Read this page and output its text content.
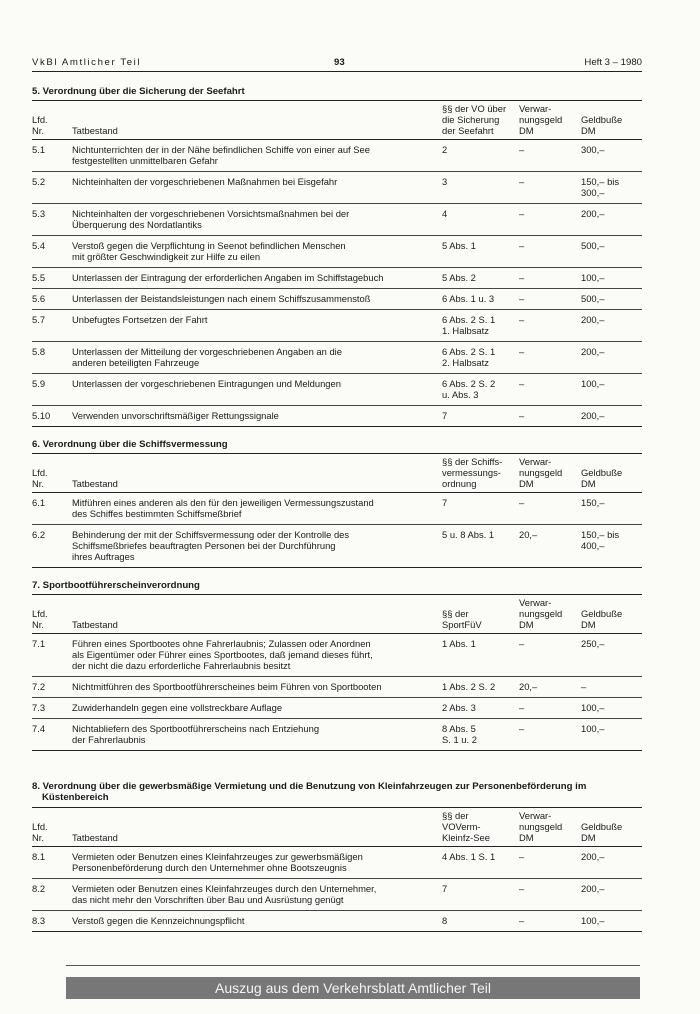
VkBl Amtlicher Teil	93	Heft 3 – 1980
5. Verordnung über die Sicherung der Seefahrt
Lfd.
Nr.	Tatbestand
§§ der VO über
die Sicherung
der Seefahrt
Verwar-
nungsgeld
DM
Geldbuße
DM
5.1	Nichtunterrichten der in der Nähe befindlichen Schiffe von einer auf See
festgestellten unmittelbaren Gefahr
2	–	300,–
5.2	Nichteinhalten der vorgeschriebenen Maßnahmen bei Eisgefahr	3	–	150,– bis
300,–
5.3	Nichteinhalten der vorgeschriebenen Vorsichtsmaßnahmen bei der
Überquerung des Nordatlantiks
4	–	200,–
5.4	Verstoß gegen die Verpflichtung in Seenot befindlichen Menschen
mit größter Geschwindigkeit zur Hilfe zu eilen
5 Abs. 1	–	500,–
5.5	Unterlassen der Eintragung der erforderlichen Angaben im Schiffstagebuch	5 Abs. 2	–	100,–
5.6	Unterlassen der Beistandsleistungen nach einem Schiffszusammenstoß	6 Abs. 1 u. 3	–	500,–
5.7	Unbefugtes Fortsetzen der Fahrt	6 Abs. 2 S. 1
1. Halbsatz
–	200,–
5.8	Unterlassen der Mitteilung der vorgeschriebenen Angaben an die
anderen beteiligten Fahrzeuge
6 Abs. 2 S. 1
2. Halbsatz
–	200,–
5.9	Unterlassen der vorgeschriebenen Eintragungen und Meldungen	6 Abs. 2 S. 2
u. Abs. 3
–	100,–
5.10	Verwenden unvorschriftsmäßiger Rettungssignale	7	–	200,–
6. Verordnung über die Schiffsvermessung
Lfd.
Nr.	Tatbestand
§§ der Schiffs-
vermessungs-
ordnung
Verwar-
nungsgeld
DM
Geldbuße
DM
6.1	Mitführen eines anderen als den für den jeweiligen Vermessungszustand
des Schiffes bestimmten Schiffsmeßbrief
7	–	150,–
6.2	Behinderung der mit der Schiffsvermessung oder der Kontrolle des
Schiffsmeßbriefes beauftragten Personen bei der Durchführung
ihres Auftrages
5 u. 8 Abs. 1	20,–	150,– bis
400,–
7. Sportbootführerscheinverordnung
Lfd.
Nr.	Tatbestand
§§ der
SportFüV
Verwar-
nungsgeld
DM
Geldbuße
DM
7.1	Führen eines Sportbootes ohne Fahrerlaubnis; Zulassen oder Anordnen
als Eigentümer oder Führer eines Sportbootes, daß jemand dieses führt,
der nicht die dazu erforderliche Fahrerlaubnis besitzt
1 Abs. 1	–	250,–
7.2	Nichtmitführen des Sportbootführerscheines beim Führen von Sportbooten	1 Abs. 2 S. 2	20,–	–
7.3	Zuwiderhandeln gegen eine vollstreckbare Auflage	2 Abs. 3	–	100,–
7.4	Nichtabliefern des Sportbootführerscheins nach Entziehung
der Fahrerlaubnis
8 Abs. 5
S. 1 u. 2
–	100,–
8. Verordnung über die gewerbsmäßige Vermietung und die Benutzung von Kleinfahrzeugen zur Personenbeförderung im Küstenbereich
Lfd.
Nr.	Tatbestand
§§ der
VOVerm-
Kleinfz-See
Verwar-
nungsgeld
DM
Geldbuße
DM
8.1	Vermieten oder Benutzen eines Kleinfahrzeuges zur gewerbsmäßigen
Personenbeförderung durch den Unternehmer ohne Bootszeugnis
4 Abs. 1 S. 1	–	200,–
8.2	Vermieten oder Benutzen eines Kleinfahrzeuges durch den Unternehmer,
das nicht mehr den Vorschriften über Bau und Ausrüstung genügt
7	–	200,–
8.3	Verstoß gegen die Kennzeichnungspflicht	8	–	100,–
Auszug aus dem Verkehrsblatt Amtlicher Teil
